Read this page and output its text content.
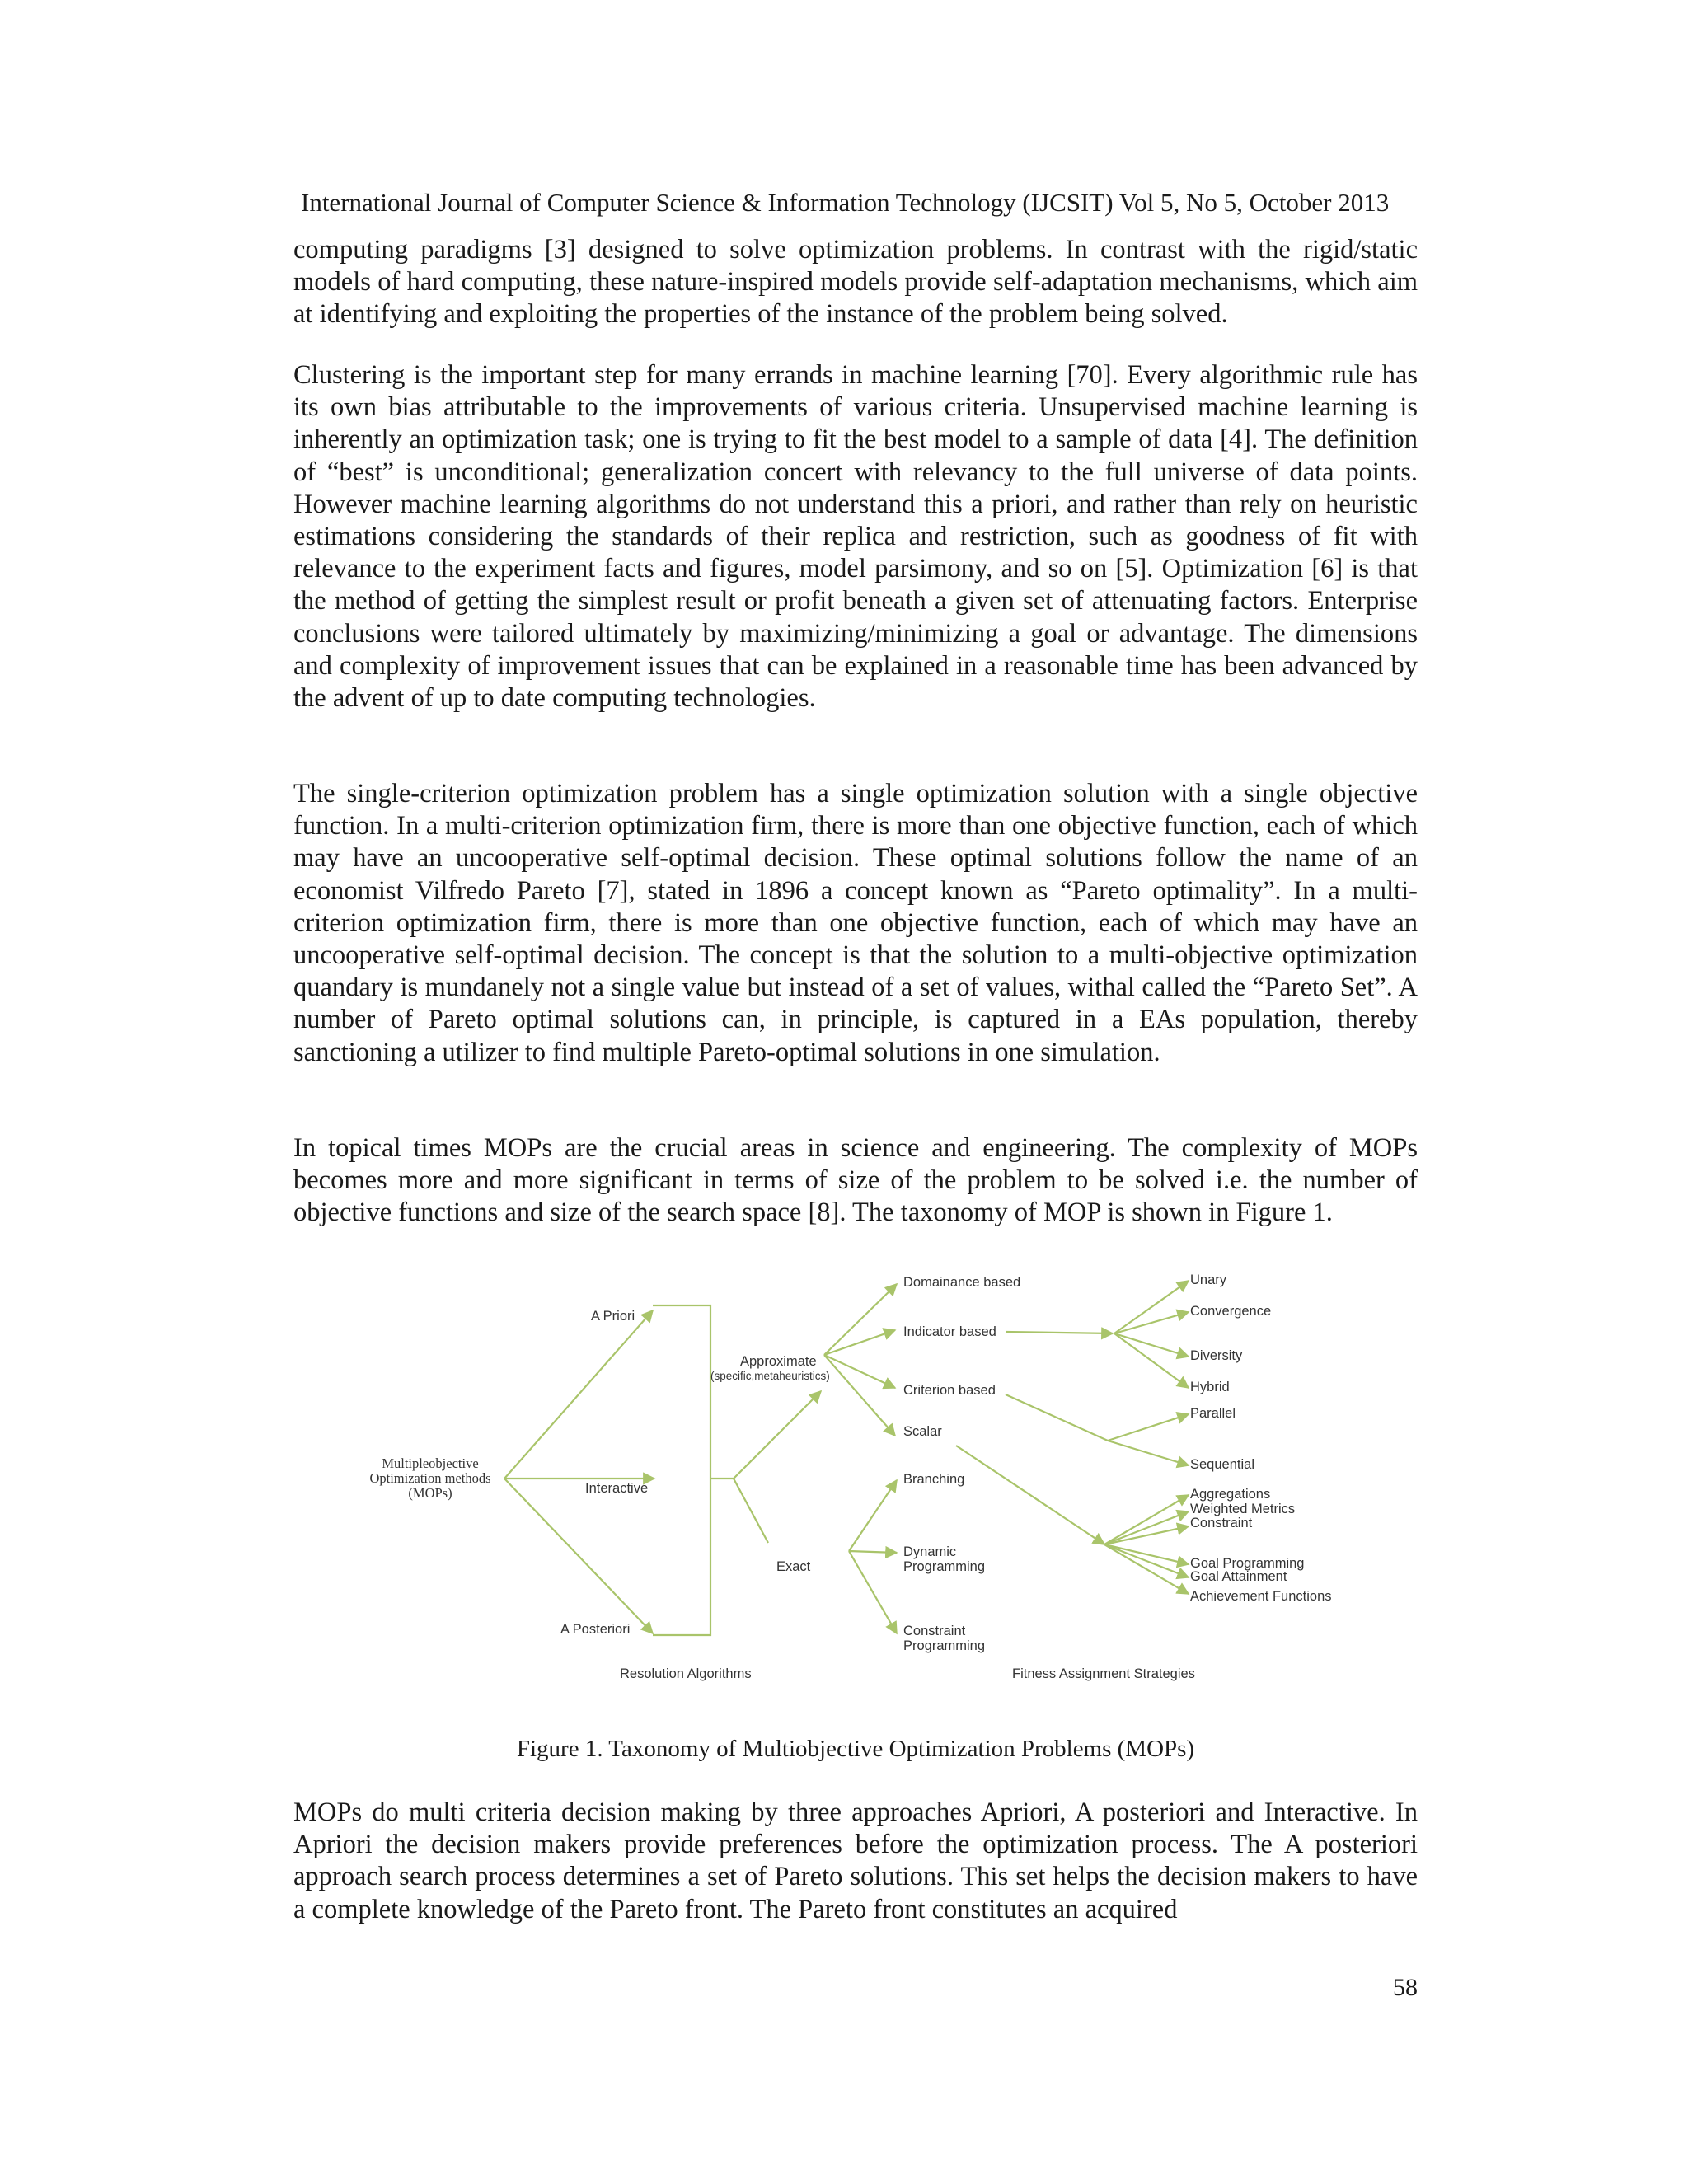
International Journal of Computer Science & Information Technology (IJCSIT) Vol 5, No 5, October 2013

computing paradigms [3] designed to solve optimization problems. In contrast with the rigid/static models of hard computing, these nature-inspired models provide self-adaptation mechanisms, which aim at identifying and exploiting the properties of the instance of the problem being solved.

Clustering is the important step for many errands in machine learning [70]. Every algorithmic rule has its own bias attributable to the improvements of various criteria. Unsupervised machine learning is inherently an optimization task; one is trying to fit the best model to a sample of data [4]. The definition of “best” is unconditional; generalization concert with relevancy to the full universe of data points. However machine learning algorithms do not understand this a priori, and rather than rely on heuristic estimations considering the standards of their replica and restriction, such as goodness of fit with relevance to the experiment facts and figures, model parsimony, and so on [5]. Optimization [6] is that the method of getting the simplest result or profit beneath a given set of attenuating factors. Enterprise conclusions were tailored ultimately by maximizing/minimizing a goal or advantage. The dimensions and complexity of improvement issues that can be explained in a reasonable time has been advanced by the advent of up to date computing technologies.

The single-criterion optimization problem has a single optimization solution with a single objective function. In a multi-criterion optimization firm, there is more than one objective function, each of which may have an uncooperative self-optimal decision. These optimal solutions follow the name of an economist Vilfredo Pareto [7], stated in 1896 a concept known as “Pareto optimality”. In a multi-criterion optimization firm, there is more than one objective function, each of which may have an uncooperative self-optimal decision. The concept is that the solution to a multi-objective optimization quandary is mundanely not a single value but instead of a set of values, withal called the “Pareto Set”. A number of Pareto optimal solutions can, in principle, is captured in a EAs population, thereby sanctioning a utilizer to find multiple Pareto-optimal solutions in one simulation.

In topical times MOPs are the crucial areas in science and engineering. The complexity of MOPs becomes more and more significant in terms of size of the problem to be solved i.e. the number of objective functions and size of the search space [8]. The taxonomy of MOP is shown in Figure 1.

Multipleobjective
Optimization methods
(MOPs)
A Priori
Interactive
A Posteriori
Approximate
(specific,metaheuristics)
Exact
Domainance based
Indicator based
Criterion based
Scalar
Branching
Dynamic
Programming
Constraint
Programming
Unary
Convergence
Diversity
Hybrid
Parallel
Sequential
Aggregations
Weighted Metrics
Constraint
Goal Programming
Goal Attainment
Achievement Functions
Resolution Algorithms	Fitness Assignment Strategies
Figure 1. Taxonomy of Multiobjective Optimization Problems (MOPs)

MOPs do multi criteria decision making by three approaches Apriori, A posteriori and Interactive. In Apriori the decision makers provide preferences before the optimization process. The A posteriori approach search process determines a set of Pareto solutions. This set helps the decision makers to have a complete knowledge of the Pareto front. The Pareto front constitutes an acquired

58
